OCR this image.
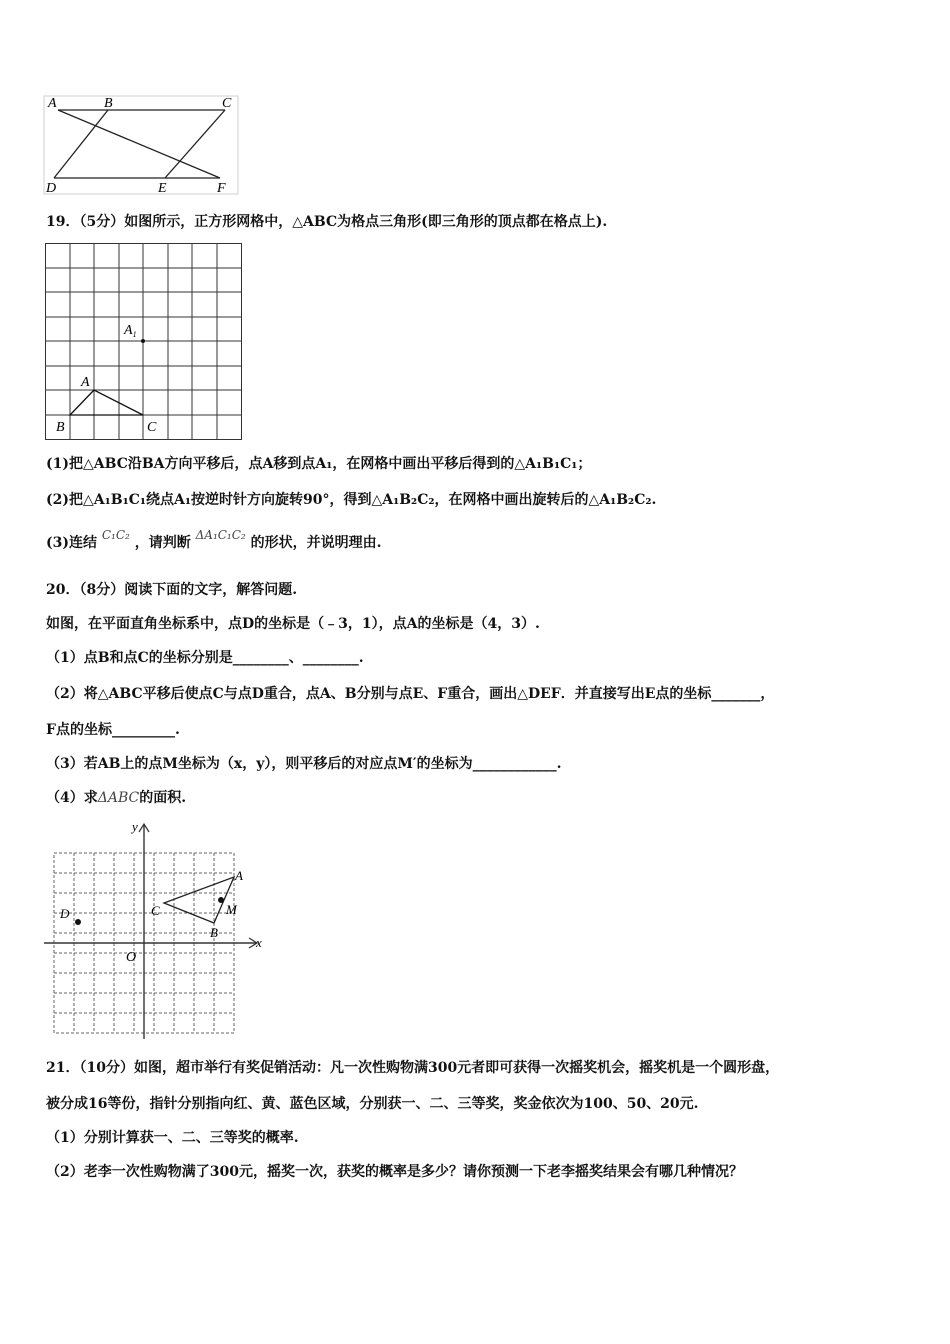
A	B	C
D	E	F
19．（5分）如图所示，正方形网格中，△ABC为格点三角形(即三角形的顶点都在格点上).
$A_1$
A
B	C
(1)把△ABC沿BA方向平移后，点A移到点A₁，在网格中画出平移后得到的△A₁B₁C₁；
(2)把△A₁B₁C₁绕点A₁按逆时针方向旋转90°，得到△A₁B₂C₂，在网格中画出旋转后的△A₁B₂C₂.
(3)连结 C₁C₂ ，请判断 ΔA₁C₁C₂ 的形状，并说明理由.
20．（8分）阅读下面的文字，解答问题.
如图，在平面直角坐标系中，点D的坐标是（﹣3，1），点A的坐标是（4，3）.
（1）点B和点C的坐标分别是________、________.
（2）将△ABC平移后使点C与点D重合，点A、B分别与点E、F重合，画出△DEF．并直接写出E点的坐标_______，
F点的坐标_________.
（3）若AB上的点M坐标为（x，y），则平移后的对应点M′的坐标为____________.
（4）求ΔABC的面积.
y
x
O
A
B
C
D	M
21．（10分）如图，超市举行有奖促销活动：凡一次性购物满300元者即可获得一次摇奖机会，摇奖机是一个圆形盘，
被分成16等份，指针分别指向红、黄、蓝色区域，分别获一、二、三等奖，奖金依次为100、50、20元.
（1）分别计算获一、二、三等奖的概率.
（2）老李一次性购物满了300元，摇奖一次，获奖的概率是多少？请你预测一下老李摇奖结果会有哪几种情况？
